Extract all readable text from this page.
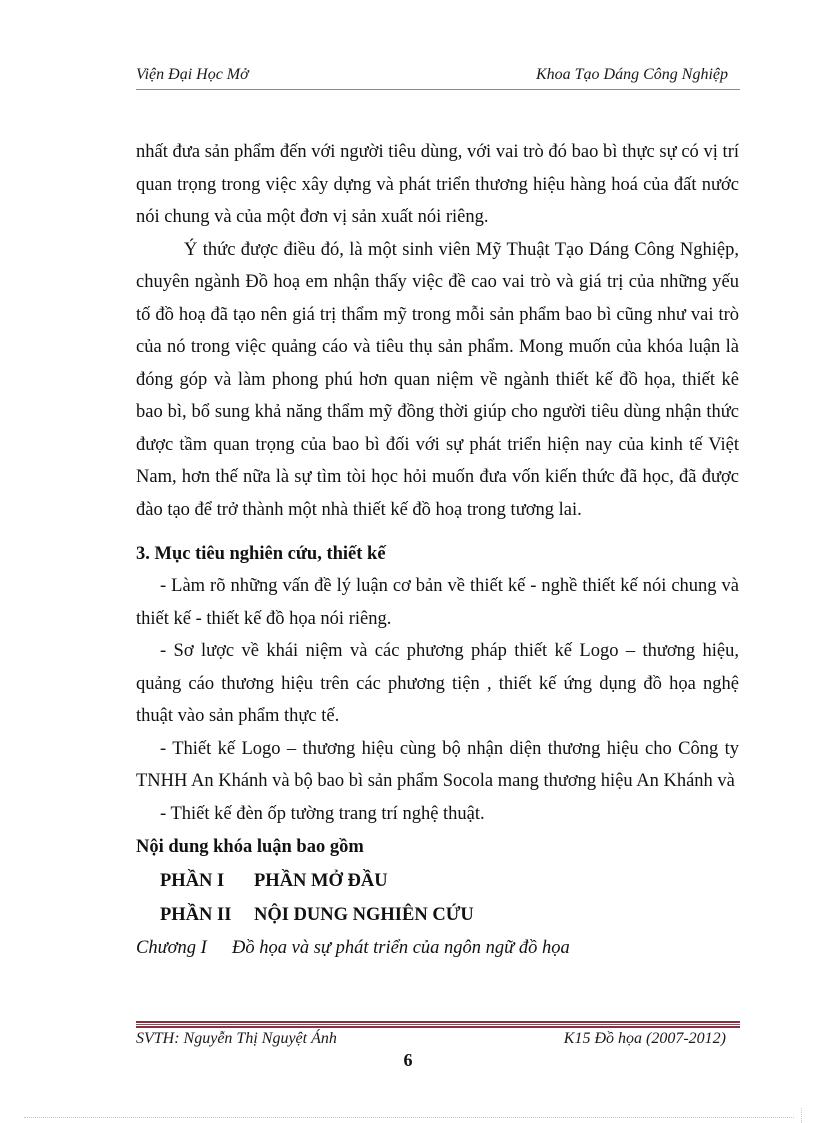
Viện Đại Học Mở	Khoa Tạo Dáng Công Nghiệp

nhất đưa sản phẩm đến với người tiêu dùng, với vai trò đó bao bì thực sự có vị trí quan trọng trong việc xây dựng và phát triển thương hiệu hàng hoá của đất nước nói chung và của một đơn vị sản xuất nói riêng.

Ý thức được điều đó, là một sinh viên Mỹ Thuật Tạo Dáng Công Nghiệp, chuyên ngành Đồ hoạ em nhận thấy việc đề cao vai trò và giá trị của những yếu tố đồ hoạ đã tạo nên giá trị thẩm mỹ trong mỗi sản phẩm bao bì cũng như vai trò của nó trong việc quảng cáo và tiêu thụ sản phẩm. Mong muốn của khóa luận là đóng góp và làm phong phú hơn quan niệm về ngành thiết kế đồ họa, thiết kê bao bì, bổ sung khả năng thẩm mỹ đồng thời giúp cho người tiêu dùng nhận thức được tầm quan trọng của bao bì đối với sự phát triển hiện nay của kinh tế Việt Nam, hơn thế nữa là sự tìm tòi học hỏi muốn đưa vốn kiến thức đã học, đã được đào tạo để trở thành một nhà thiết kế đồ hoạ trong tương lai.

3. Mục tiêu nghiên cứu, thiết kế

- Làm rõ những vấn đề lý luận cơ bản về thiết kế - nghề thiết kế nói chung và thiết kế - thiết kế đồ họa nói riêng.

- Sơ lược về khái niệm và các phương pháp thiết kế Logo – thương hiệu, quảng cáo thương hiệu trên các phương tiện , thiết kế ứng dụng đồ họa nghệ thuật vào sản phẩm thực tế.

- Thiết kế Logo – thương hiệu cùng bộ nhận diện thương hiệu cho Công ty TNHH An Khánh và bộ bao bì sản phẩm Socola mang thương hiệu An Khánh và

- Thiết kế đèn ốp tường trang trí nghệ thuật.

Nội dung khóa luận bao gồm

PHẦN I PHẦN MỞ ĐẦU

PHẦN II NỘI DUNG NGHIÊN CỨU

Chương I Đồ họa và sự phát triển của ngôn ngữ đồ họa

SVTH: Nguyễn Thị Nguyệt Ánh	K15 Đồ họa (2007-2012)
6
